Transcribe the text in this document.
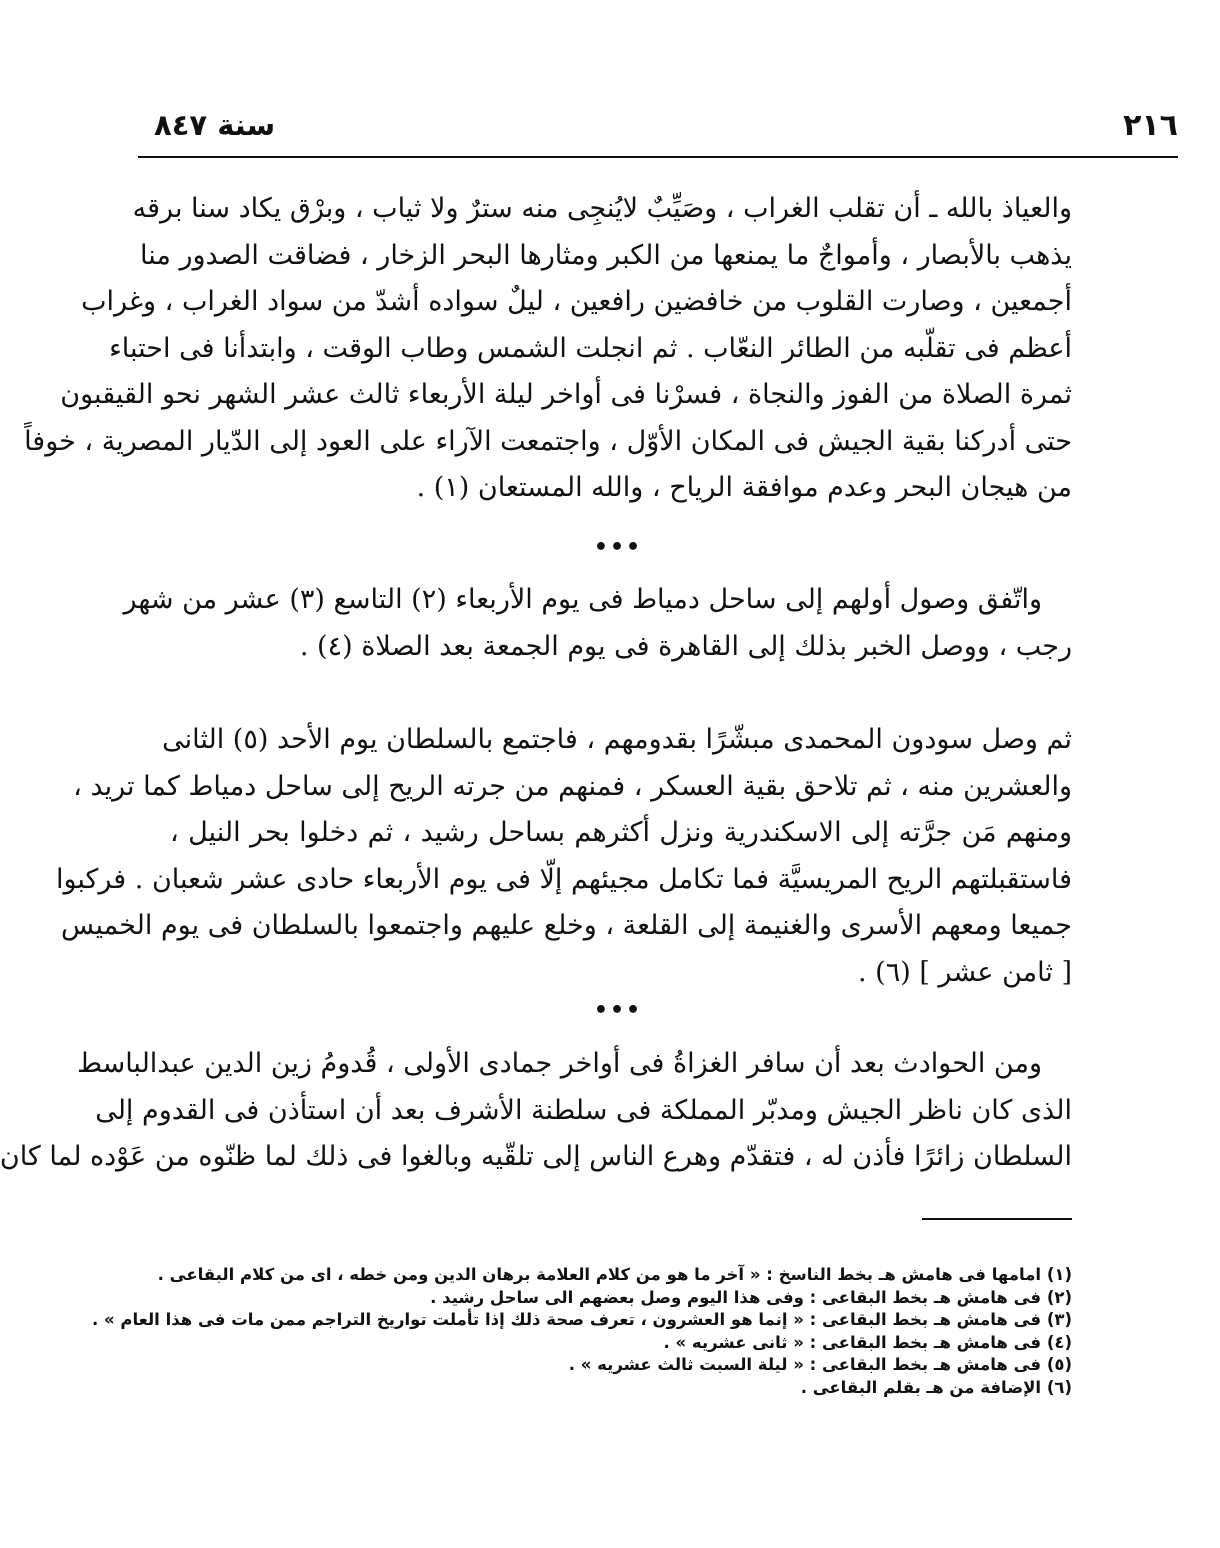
٢١٦
سنة ٨٤٧
والعياذ بالله ـ أن تقلب الغراب ، وصَيِّبٌ لايُنجِى منه سترٌ ولا ثياب ، وبرْق يكاد سنا برقه
يذهب بالأبصار ، وأمواجٌ ما يمنعها من الكبر ومثارها البحر الزخار ، فضاقت الصدور منا
أجمعين ، وصارت القلوب من خافضين رافعين ، ليلٌ سواده أشدّ من سواد الغراب ، وغراب
أعظم فى تقلّبه من الطائر النعّاب . ثم انجلت الشمس وطاب الوقت ، وابتدأنا فى احتباء
ثمرة الصلاة من الفوز والنجاة ، فسرْنا فى أواخر ليلة الأربعاء ثالث عشر الشهر نحو القيقبون
حتى أدركنا بقية الجيش فى المكان الأوّل ، واجتمعت الآراء على العود إلى الدّيار المصرية ، خوفاً
من هيجان البحر وعدم موافقة الرياح ، والله المستعان (١) .
•••
واتّفق وصول أولهم إلى ساحل دمياط فى يوم الأربعاء (٢) التاسع (٣) عشر من شهر
رجب ، ووصل الخبر بذلك إلى القاهرة فى يوم الجمعة بعد الصلاة (٤) .
ثم وصل سودون المحمدى مبشّرًا بقدومهم ، فاجتمع بالسلطان يوم الأحد (٥) الثانى
والعشرين منه ، ثم تلاحق بقية العسكر ، فمنهم من جرته الريح إلى ساحل دمياط كما تريد ،
ومنهم مَن جرَّته إلى الاسكندرية ونزل أكثرهم بساحل رشيد ، ثم دخلوا بحر النيل ،
فاستقبلتهم الريح المريسيَّة فما تكامل مجيئهم إلّا فى يوم الأربعاء حادى عشر شعبان . فركبوا
جميعا ومعهم الأسرى والغنيمة إلى القلعة ، وخلع عليهم واجتمعوا بالسلطان فى يوم الخميس
[ ثامن عشر ] (٦) .
•••
ومن الحوادث بعد أن سافر الغزاةُ فى أواخر جمادى الأولى ، قُدومُ زين الدين عبدالباسط
الذى كان ناظر الجيش ومدبّر المملكة فى سلطنة الأشرف بعد أن استأذن فى القدوم إلى
السلطان زائرًا فأذن له ، فتقدّم وهرع الناس إلى تلقّيه وبالغوا فى ذلك لما ظنّوه من عَوْده لما كان
(١) امامها فى هامش هـ بخط الناسخ : « آخر ما هو من كلام العلامة برهان الدين ومن خطه ، اى من كلام البقاعى .
(٢) فى هامش هـ بخط البقاعى : وفى هذا اليوم وصل بعضهم الى ساحل رشيد .
(٣) فى هامش هـ بخط البقاعى : « إنما هو العشرون ، تعرف صحة ذلك إذا تأملت تواريخ التراجم ممن مات فى هذا العام » .
(٤) فى هامش هـ بخط البقاعى : « ثانى عشريه » .
(٥) فى هامش هـ بخط البقاعى : « ليلة السبت ثالث عشريه » .
(٦) الإضافة من هـ بقلم البقاعى .
